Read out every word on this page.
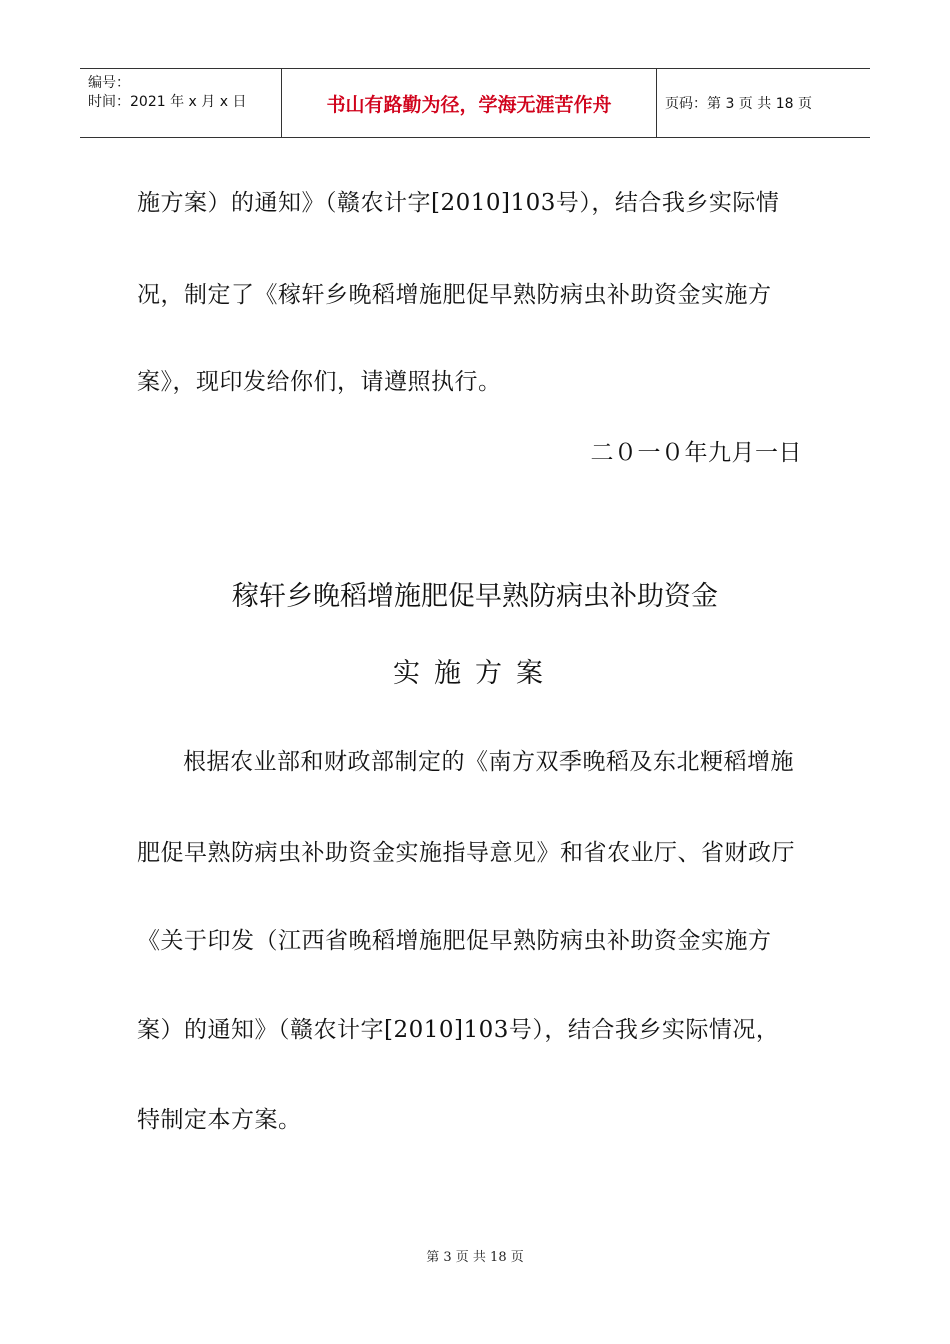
编号：
时间：2021 年 x 月 x 日	书山有路勤为径，学海无涯苦作舟	页码：第 3 页 共 18 页
施方案）的通知》（赣农计字[2010]103号），结合我乡实际情
况，制定了《稼轩乡晚稻增施肥促早熟防病虫补助资金实施方
案》，现印发给你们，请遵照执行。
二０一０年九月一日
稼轩乡晚稻增施肥促早熟防病虫补助资金
实施方案
根据农业部和财政部制定的《南方双季晚稻及东北粳稻增施
肥促早熟防病虫补助资金实施指导意见》和省农业厅、省财政厅
《关于印发（江西省晚稻增施肥促早熟防病虫补助资金实施方
案）的通知》（赣农计字[2010]103号），结合我乡实际情况，
特制定本方案。
第 3 页 共 18 页
